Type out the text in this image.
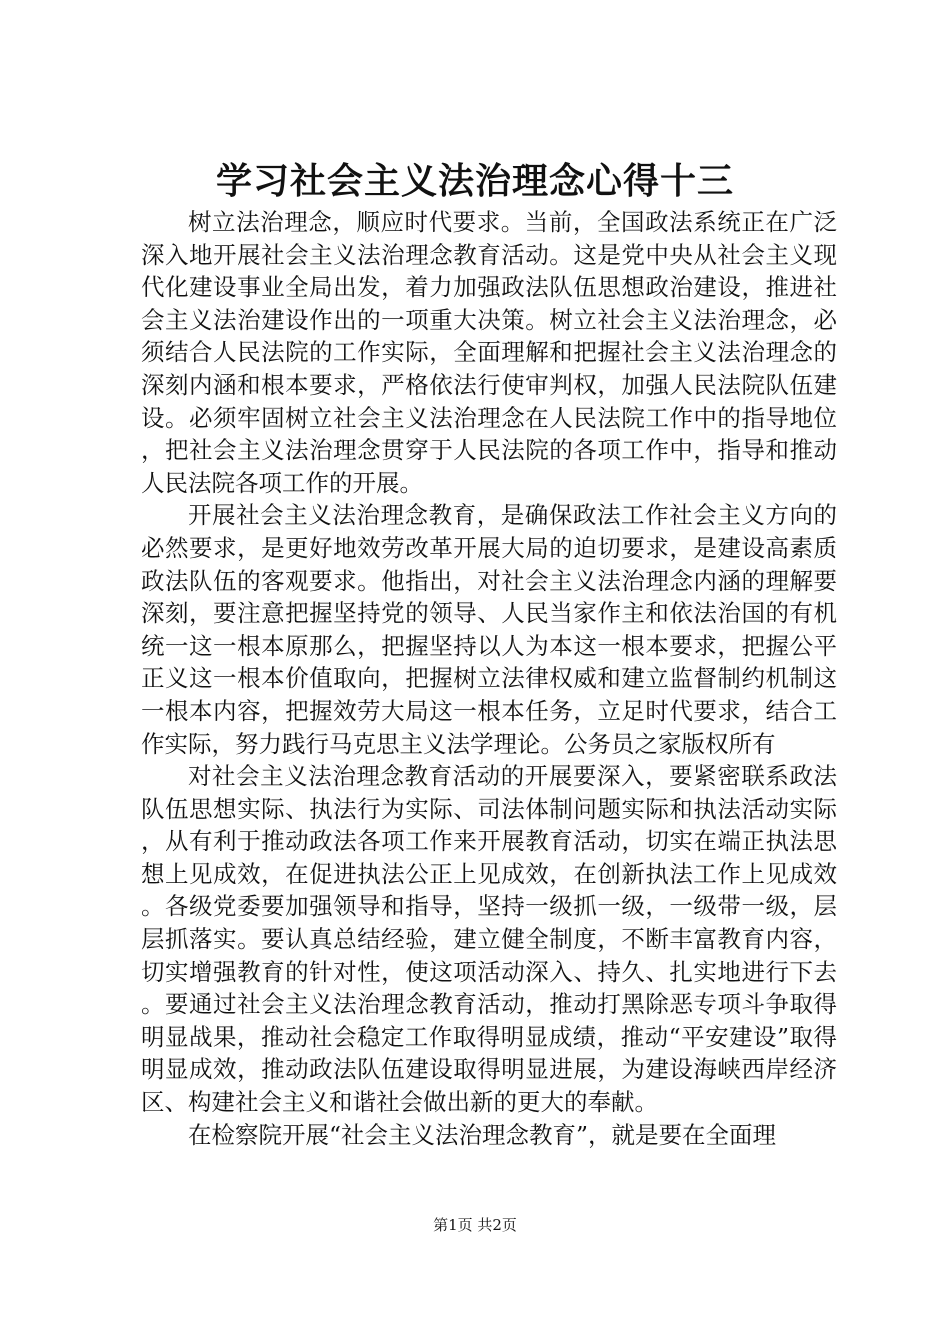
学习社会主义法治理念心得十三

树立法治理念，顺应时代要求。当前，全国政法系统正在广泛深入地开展社会主义法治理念教育活动。这是党中央从社会主义现代化建设事业全局出发，着力加强政法队伍思想政治建设，推进社会主义法治建设作出的一项重大决策。树立社会主义法治理念，必须结合人民法院的工作实际，全面理解和把握社会主义法治理念的深刻内涵和根本要求，严格依法行使审判权，加强人民法院队伍建设。必须牢固树立社会主义法治理念在人民法院工作中的指导地位，把社会主义法治理念贯穿于人民法院的各项工作中，指导和推动人民法院各项工作的开展。

开展社会主义法治理念教育，是确保政法工作社会主义方向的必然要求，是更好地效劳改革开展大局的迫切要求，是建设高素质政法队伍的客观要求。他指出，对社会主义法治理念内涵的理解要深刻，要注意把握坚持党的领导、人民当家作主和依法治国的有机统一这一根本原那么，把握坚持以人为本这一根本要求，把握公平正义这一根本价值取向，把握树立法律权威和建立监督制约机制这一根本内容，把握效劳大局这一根本任务，立足时代要求，结合工作实际，努力践行马克思主义法学理论。公务员之家版权所有

对社会主义法治理念教育活动的开展要深入，要紧密联系政法队伍思想实际、执法行为实际、司法体制问题实际和执法活动实际，从有利于推动政法各项工作来开展教育活动，切实在端正执法思想上见成效，在促进执法公正上见成效，在创新执法工作上见成效。各级党委要加强领导和指导，坚持一级抓一级，一级带一级，层层抓落实。要认真总结经验，建立健全制度，不断丰富教育内容，切实增强教育的针对性，使这项活动深入、持久、扎实地进行下去。要通过社会主义法治理念教育活动，推动打黑除恶专项斗争取得明显战果，推动社会稳定工作取得明显成绩，推动“平安建设”取得明显成效，推动政法队伍建设取得明显进展，为建设海峡西岸经济区、构建社会主义和谐社会做出新的更大的奉献。

在检察院开展“社会主义法治理念教育”，就是要在全面理

第1页 共2页
